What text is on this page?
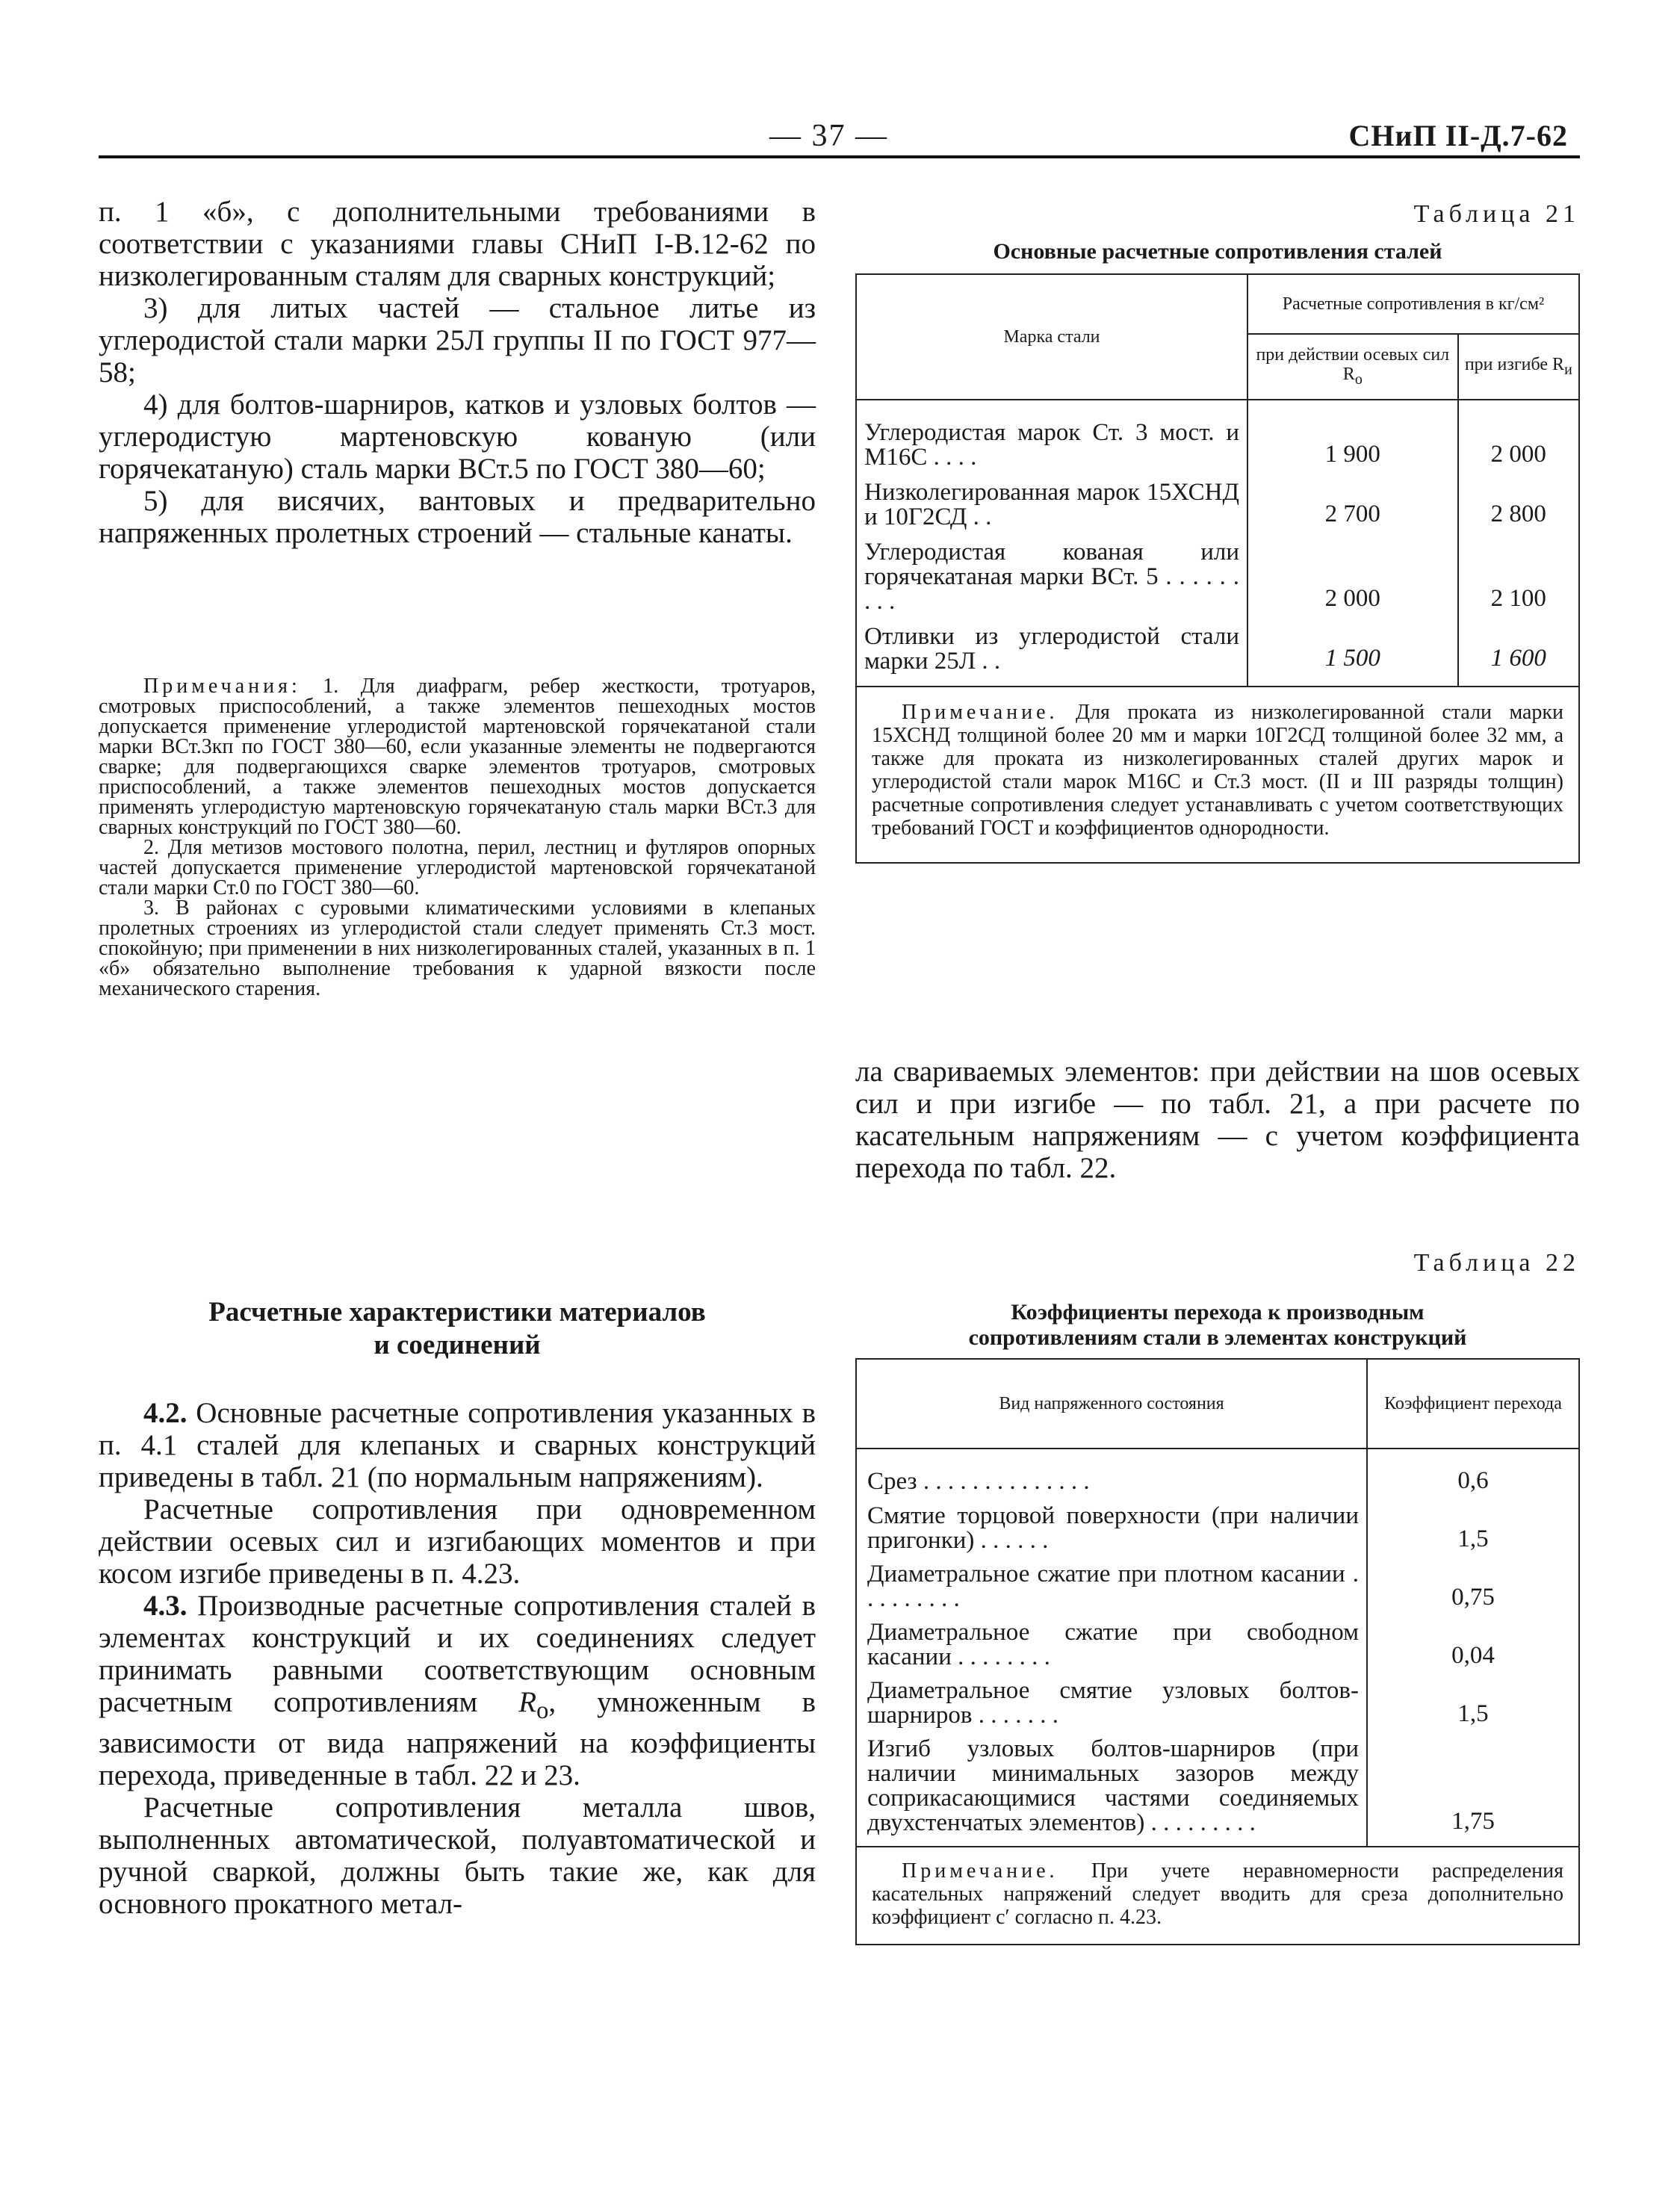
— 37 —	СНиП II-Д.7-62

п. 1 «б», с дополнительными требованиями в соответствии с указаниями главы СНиП I-В.12-62 по низколегированным сталям для сварных конструкций;

3) для литых частей — стальное литье из углеродистой стали марки 25Л группы II по ГОСТ 977—58;

4) для болтов-шарниров, катков и узловых болтов — углеродистую мартеновскую кованую (или горячекатаную) сталь марки ВСт.5 по ГОСТ 380—60;

5) для висячих, вантовых и предварительно напряженных пролетных строений — стальные канаты.

Примечания: 1. Для диафрагм, ребер жесткости, тротуаров, смотровых приспособлений, а также элементов пешеходных мостов допускается применение углеродистой мартеновской горячекатаной стали марки ВСт.3кп по ГОСТ 380—60, если указанные элементы не подвергаются сварке; для подвергающихся сварке элементов тротуаров, смотровых приспособлений, а также элементов пешеходных мостов допускается применять углеродистую мартеновскую горячекатаную сталь марки ВСт.3 для сварных конструкций по ГОСТ 380—60.

2. Для метизов мостового полотна, перил, лестниц и футляров опорных частей допускается применение углеродистой мартеновской горячекатаной стали марки Ст.0 по ГОСТ 380—60.

3. В районах с суровыми климатическими условиями в клепаных пролетных строениях из углеродистой стали следует применять Ст.3 мост. спокойную; при применении в них низколегированных сталей, указанных в п. 1 «б» обязательно выполнение требования к ударной вязкости после механического старения.

Расчетные характеристики материалов

и соединений

4.2. Основные расчетные сопротивления указанных в п. 4.1 сталей для клепаных и сварных конструкций приведены в табл. 21 (по нормальным напряжениям).

Расчетные сопротивления при одновременном действии осевых сил и изгибающих моментов и при косом изгибе приведены в п. 4.23.

4.3. Производные расчетные сопротивления сталей в элементах конструкций и их соединениях следует принимать равными соответствующим основным расчетным сопротивлениям $R_о$, умноженным в зависимости от вида напряжений на коэффициенты перехода, приведенные в табл. 22 и 23.

Расчетные сопротивления металла швов, выполненных автоматической, полуавтоматической и ручной сваркой, должны быть такие же, как для основного прокатного метал-

Таблица 21

Основные расчетные сопротивления сталей

Марка стали	Расчетные сопротивления в кг/см²	
	при действии осевых сил $R_о$	при изгибе $R_и$

Углеродистая марок Ст. 3 мост. и М16С . . . .	1 900	2 000
Низколегированная марок 15ХСНД и 10Г2СД . .	2 700	2 800
Углеродистая кованая или горячекатаная марки ВСт. 5 . . . . . . . . .	2 000	2 100
Отливки из углеродистой стали марки 25Л . .	1 500	1 600

Примечание. Для проката из низколегированной стали марки 15ХСНД толщиной более 20 мм и марки 10Г2СД толщиной более 32 мм, а также для проката из низколегированных сталей других марок и углеродистой стали марок М16С и Ст.3 мост. (II и III разряды толщин) расчетные сопротивления следует устанавливать с учетом соответствующих требований ГОСТ и коэффициентов однородности.		

ла свариваемых элементов: при действии на шов осевых сил и при изгибе — по табл. 21, а при расчете по касательным напряжениям — с учетом коэффициента перехода по табл. 22.

Таблица 22

Коэффициенты перехода к производным

сопротивлениям стали в элементах конструкций

Вид напряженного состояния	Коэффициент перехода

Срез . . . . . . . . . . . . . .	0,6
Смятие торцовой поверхности (при наличии пригонки) . . . . . .	1,5
Диаметральное сжатие при плотном касании . . . . . . . . .	0,75
Диаметральное сжатие при свободном касании . . . . . . . .	0,04
Диаметральное смятие узловых болтов-шарниров . . . . . . .	1,5
Изгиб узловых болтов-шарниров (при наличии минимальных зазоров между соприкасающимися частями соединяемых двухстенчатых элементов) . . . . . . . . .	1,75

Примечание. При учете неравномерности распределения касательных напряжений следует вводить для среза дополнительно коэффициент c′ согласно п. 4.23.	
